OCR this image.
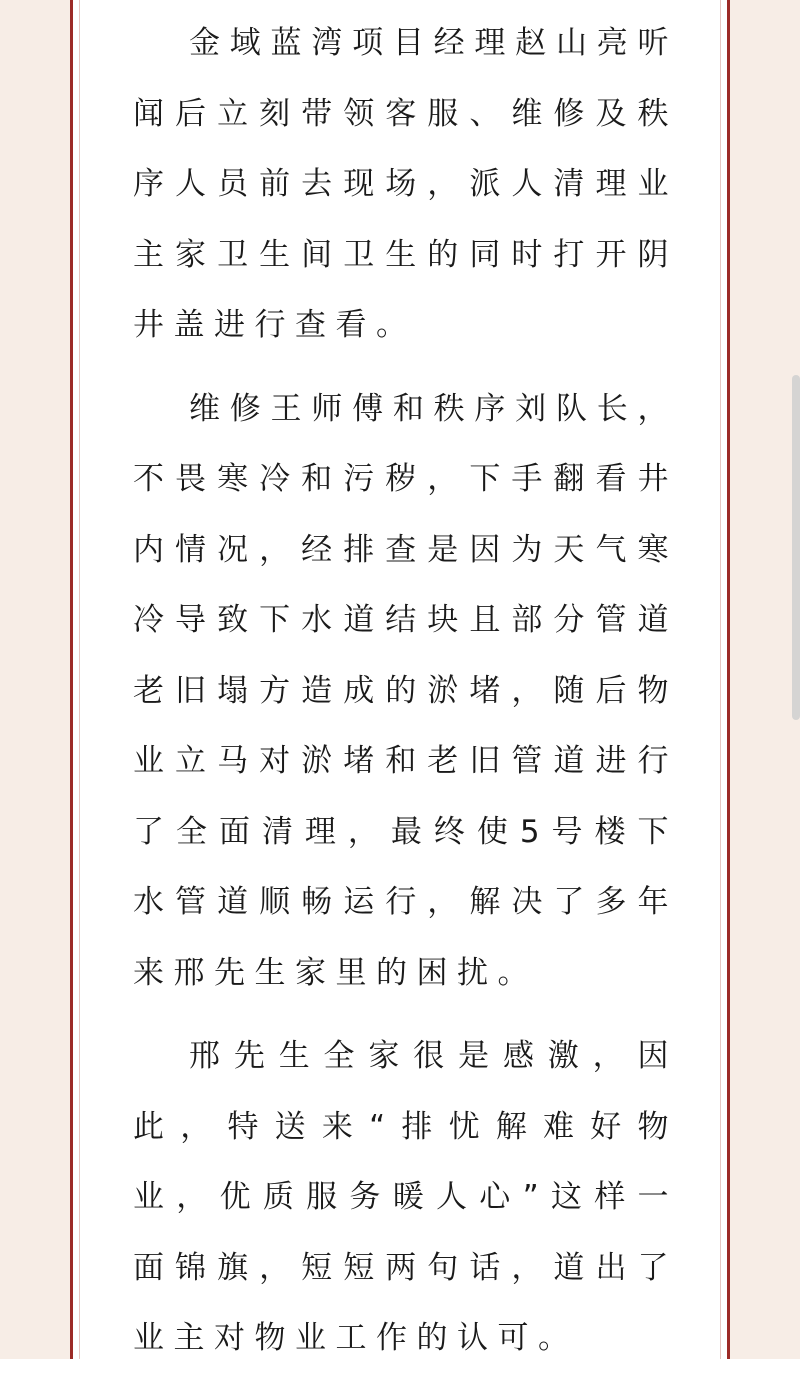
金域蓝湾项目经理赵山亮听闻后立刻带领客服、维修及秩序人员前去现场，派人清理业主家卫生间卫生的同时打开阴井盖进行查看。

维修王师傅和秩序刘队长，不畏寒冷和污秽，下手翻看井内情况，经排查是因为天气寒冷导致下水道结块且部分管道老旧塌方造成的淤堵，随后物业立马对淤堵和老旧管道进行了全面清理，最终使5号楼下水管道顺畅运行，解决了多年来邢先生家里的困扰。

邢先生全家很是感激，因此，特送来“排忧解难好物业，优质服务暖人心”这样一面锦旗，短短两句话，道出了业主对物业工作的认可。
